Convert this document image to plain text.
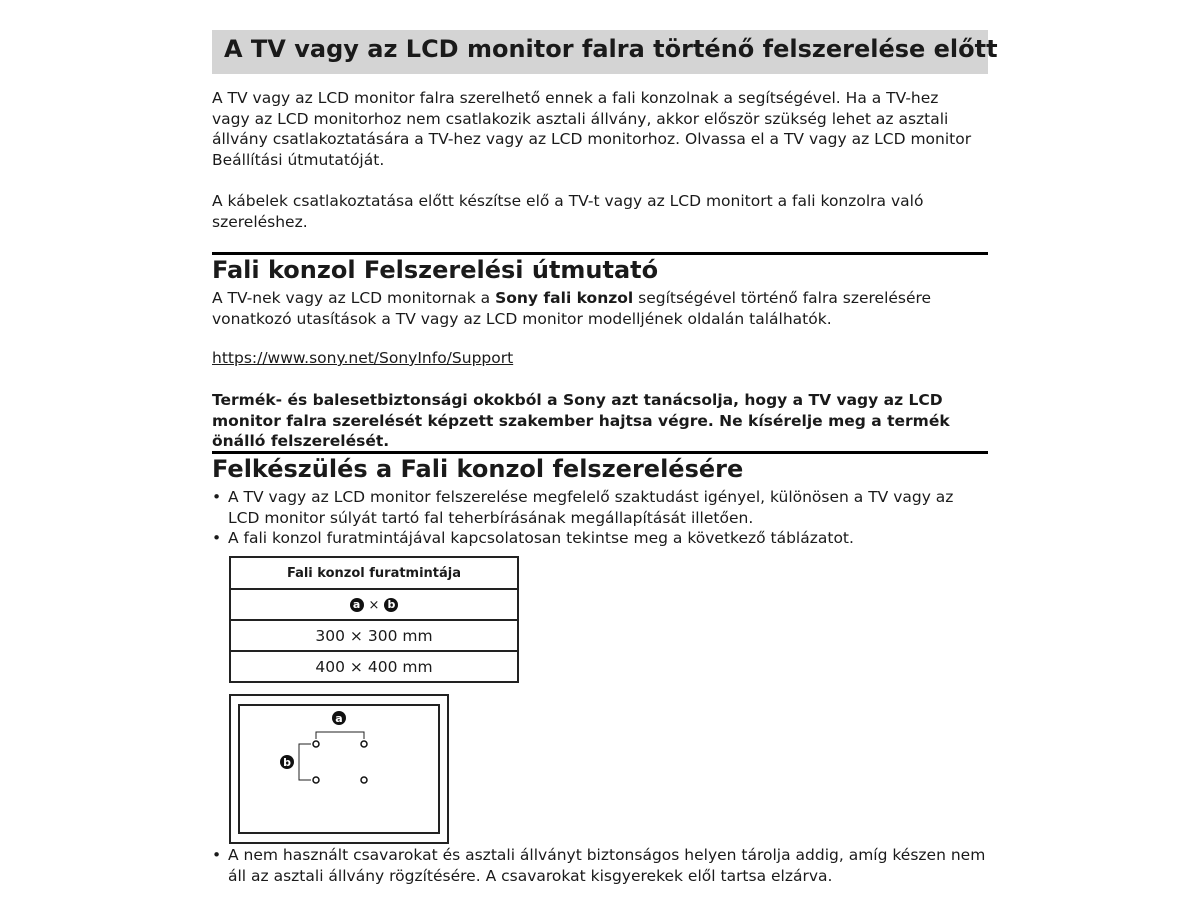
A TV vagy az LCD monitor falra történő felszerelése előtt

A TV vagy az LCD monitor falra szerelhető ennek a fali konzolnak a segítségével. Ha a TV-hez vagy az LCD monitorhoz nem csatlakozik asztali állvány, akkor először szükség lehet az asztali állvány csatlakoztatására a TV-hez vagy az LCD monitorhoz. Olvassa el a TV vagy az LCD monitor Beállítási útmutatóját.

A kábelek csatlakoztatása előtt készítse elő a TV-t vagy az LCD monitort a fali konzolra való szereléshez.

Fali konzol Felszerelési útmutató

A TV-nek vagy az LCD monitornak a Sony fali konzol segítségével történő falra szerelésére vonatkozó utasítások a TV vagy az LCD monitor modelljének oldalán találhatók.

https://www.sony.net/SonyInfo/Support

Termék- és balesetbiztonsági okokból a Sony azt tanácsolja, hogy a TV vagy az LCD monitor falra szerelését képzett szakember hajtsa végre. Ne kísérelje meg a termék önálló felszerelését.

Felkészülés a Fali konzol felszerelésére
• A TV vagy az LCD monitor felszerelése megfelelő szaktudást igényel, különösen a TV vagy az LCD monitor súlyát tartó fal teherbírásának megállapítását illetően.
• A fali konzol furatmintájával kapcsolatosan tekintse meg a következő táblázatot.
Fali konzol furatmintája
a × b
300 × 300 mm
400 × 400 mm
a
b
• A nem használt csavarokat és asztali állványt biztonságos helyen tárolja addig, amíg készen nem áll az asztali állvány rögzítésére. A csavarokat kisgyerekek elől tartsa elzárva.
